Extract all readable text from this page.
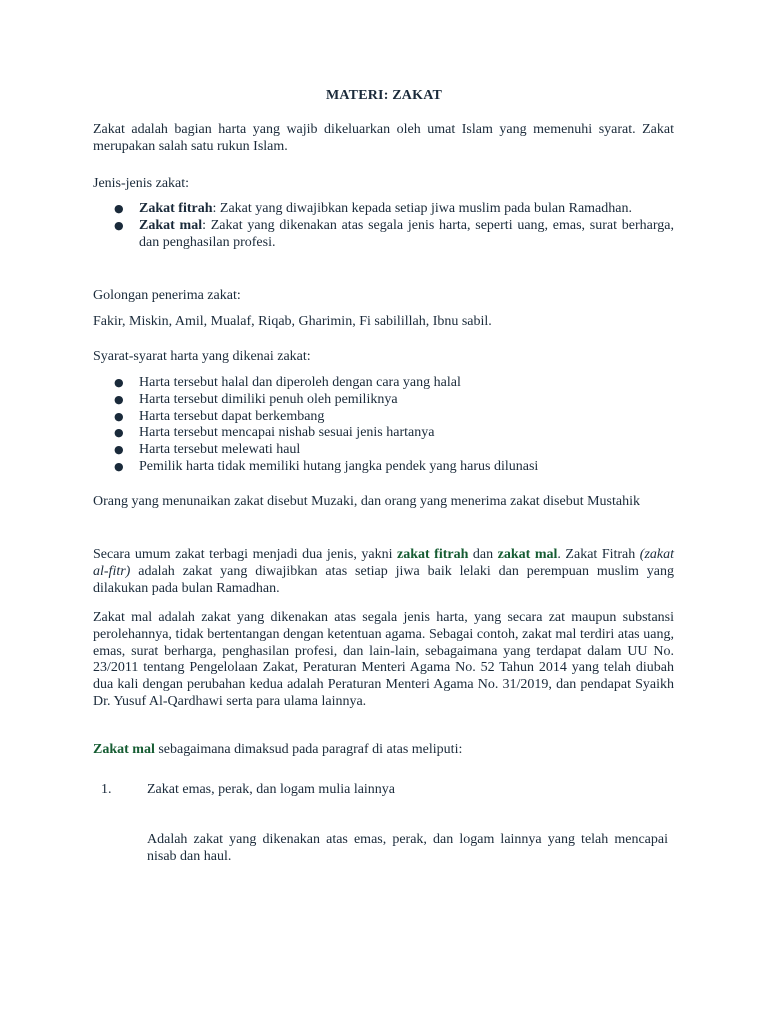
MATERI: ZAKAT
Zakat adalah bagian harta yang wajib dikeluarkan oleh umat Islam yang memenuhi syarat. Zakat merupakan salah satu rukun Islam.
Jenis-jenis zakat:
● Zakat fitrah: Zakat yang diwajibkan kepada setiap jiwa muslim pada bulan Ramadhan.
● Zakat mal: Zakat yang dikenakan atas segala jenis harta, seperti uang, emas, surat berharga, dan penghasilan profesi.
Golongan penerima zakat:
Fakir, Miskin, Amil, Mualaf, Riqab, Gharimin, Fi sabilillah, Ibnu sabil.
Syarat-syarat harta yang dikenai zakat:
● Harta tersebut halal dan diperoleh dengan cara yang halal
● Harta tersebut dimiliki penuh oleh pemiliknya
● Harta tersebut dapat berkembang
● Harta tersebut mencapai nishab sesuai jenis hartanya
● Harta tersebut melewati haul
● Pemilik harta tidak memiliki hutang jangka pendek yang harus dilunasi
Orang yang menunaikan zakat disebut Muzaki, dan orang yang menerima zakat disebut Mustahik
Secara umum zakat terbagi menjadi dua jenis, yakni zakat fitrah dan zakat mal. Zakat Fitrah (zakat al-fitr) adalah zakat yang diwajibkan atas setiap jiwa baik lelaki dan perempuan muslim yang dilakukan pada bulan Ramadhan.
Zakat mal adalah zakat yang dikenakan atas segala jenis harta, yang secara zat maupun substansi perolehannya, tidak bertentangan dengan ketentuan agama. Sebagai contoh, zakat mal terdiri atas uang, emas, surat berharga, penghasilan profesi, dan lain-lain, sebagaimana yang terdapat dalam UU No. 23/2011 tentang Pengelolaan Zakat, Peraturan Menteri Agama No. 52 Tahun 2014 yang telah diubah dua kali dengan perubahan kedua adalah Peraturan Menteri Agama No. 31/2019, dan pendapat Syaikh Dr. Yusuf Al-Qardhawi serta para ulama lainnya.
Zakat mal sebagaimana dimaksud pada paragraf di atas meliputi:
1.	Zakat emas, perak, dan logam mulia lainnya
Adalah zakat yang dikenakan atas emas, perak, dan logam lainnya yang telah mencapai nisab dan haul.
